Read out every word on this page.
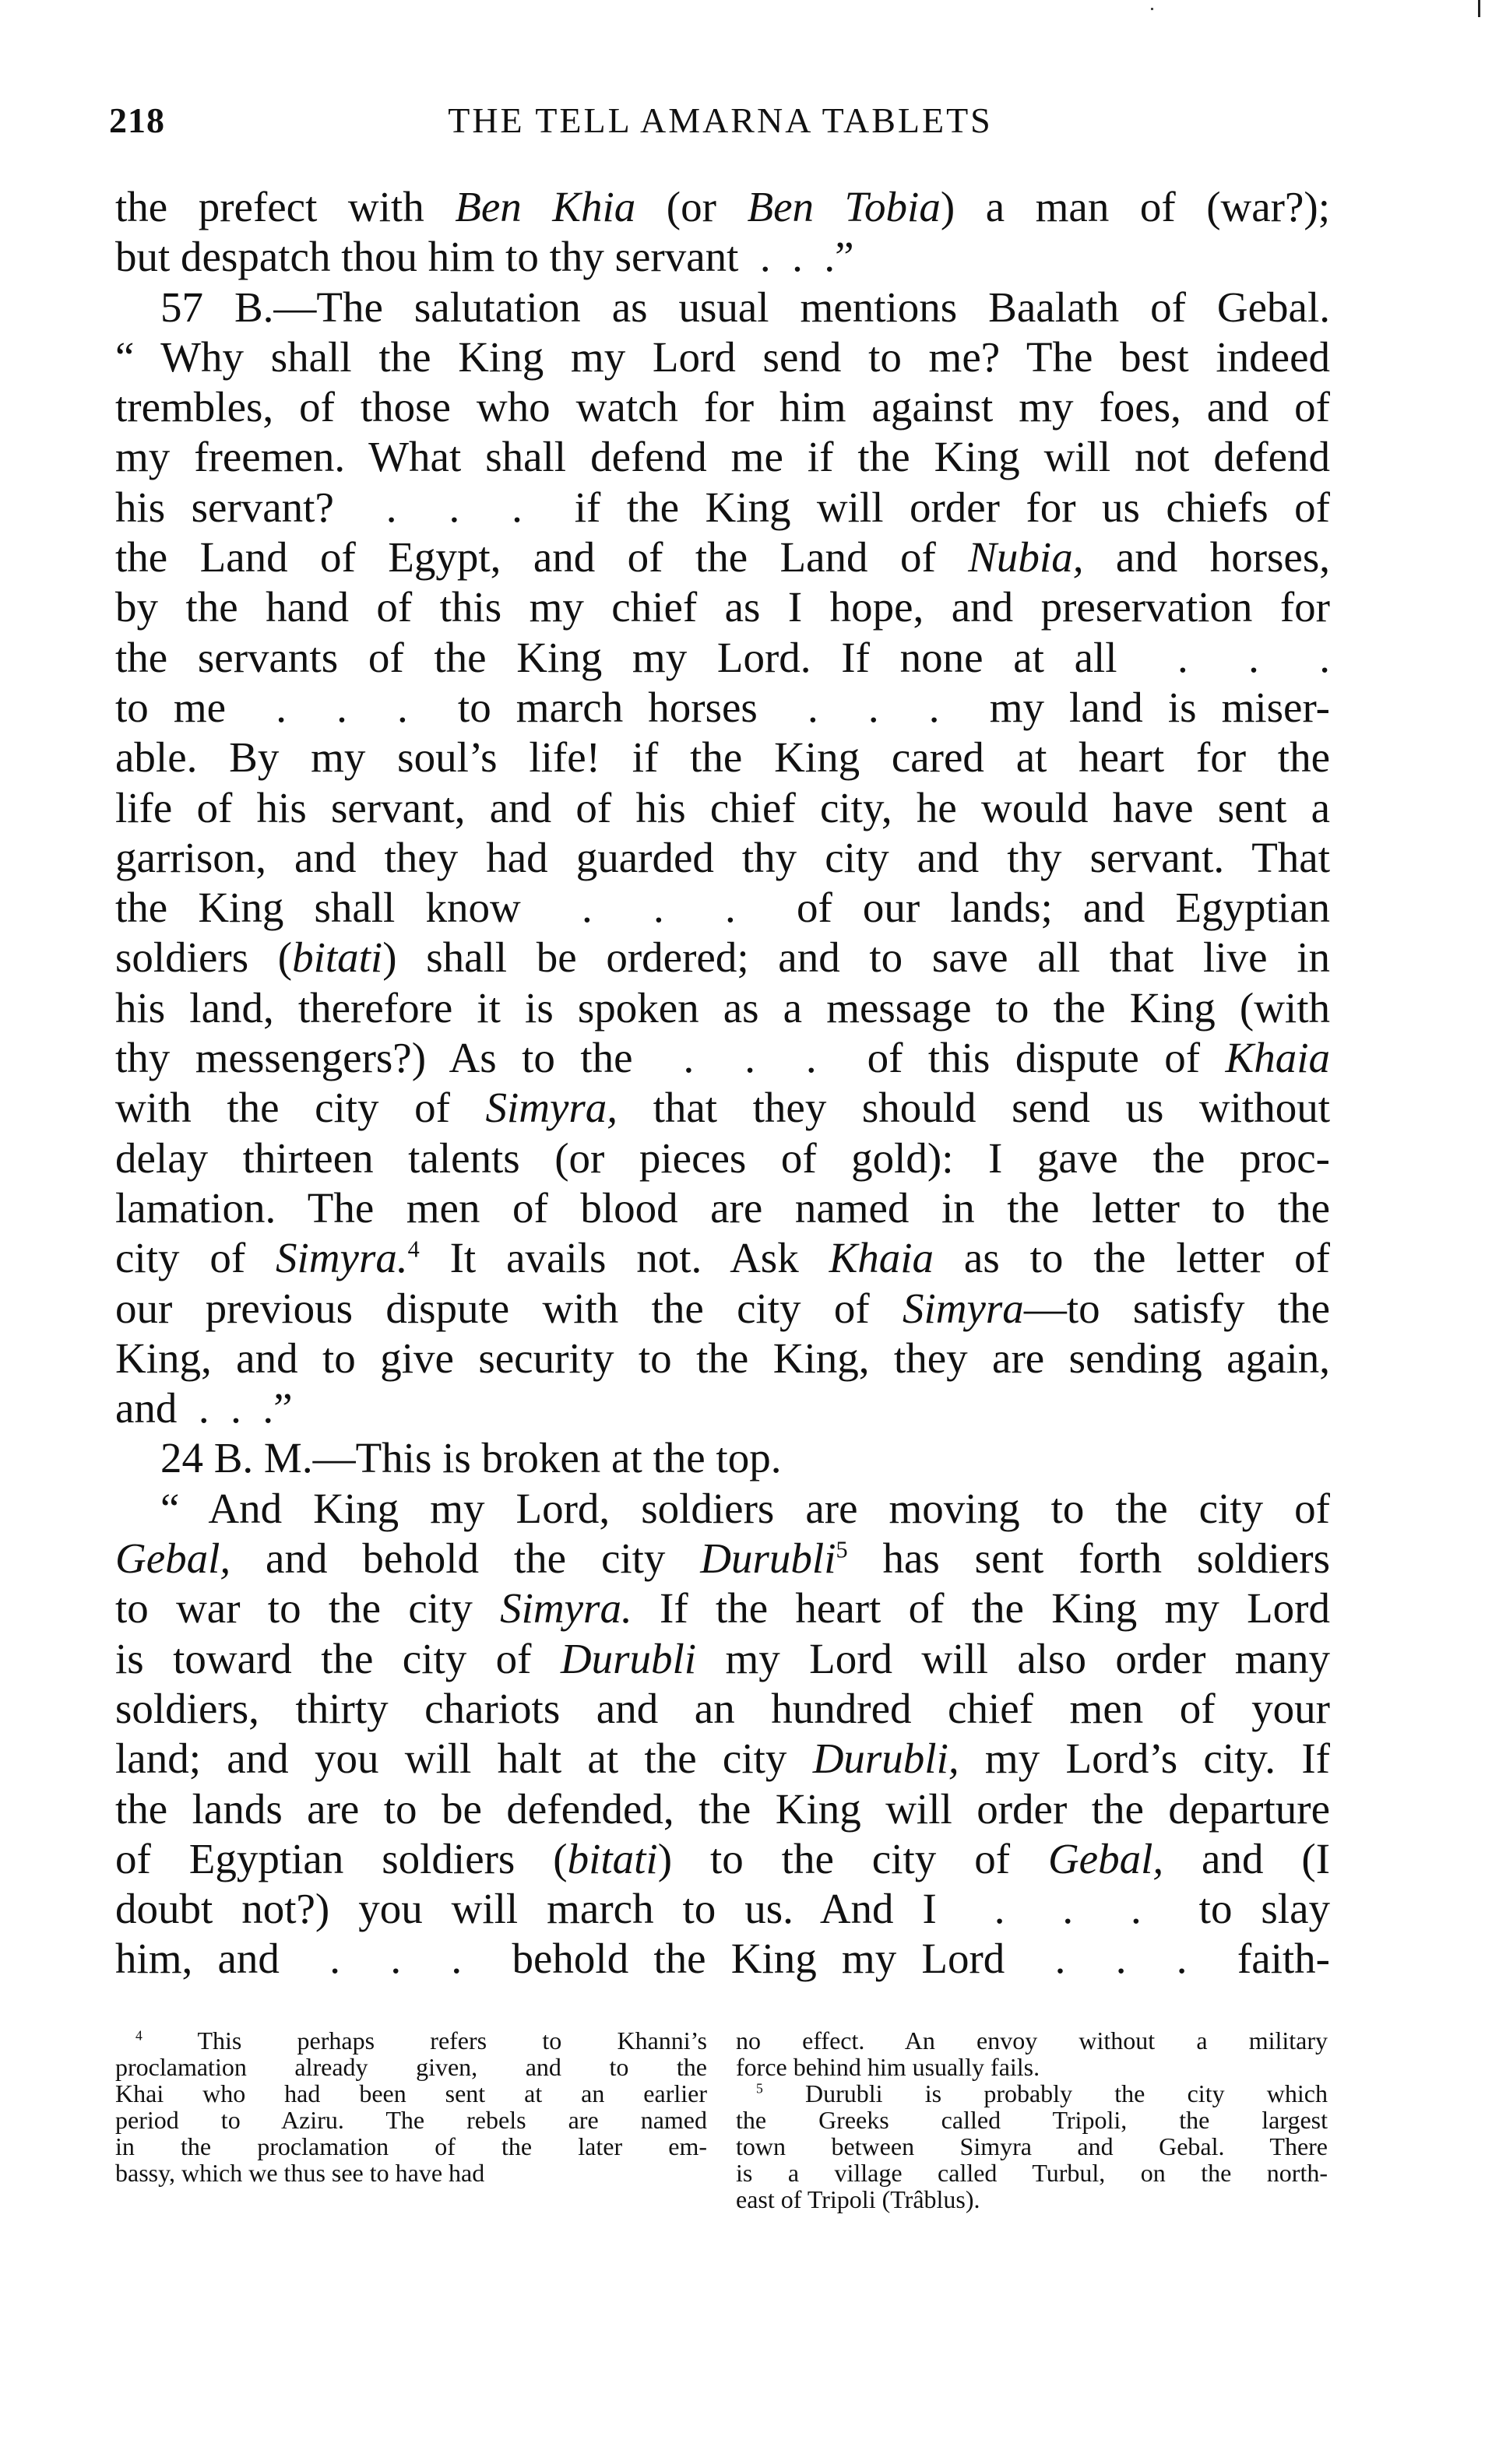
218	THE TELL AMARNA TABLETS
the prefect with Ben Khia (or Ben Tobia) a man of (war?);
but despatch thou him to thy servant  .  .  .”
57 B.—The salutation as usual mentions Baalath of Gebal.
“ Why shall the King my Lord send to me? The best indeed
trembles, of those who watch for him against my foes, and of
my freemen. What shall defend me if the King will not defend
his servant?  .  .  .  if the King will order for us chiefs of
the Land of Egypt, and of the Land of Nubia, and horses,
by the hand of this my chief as I hope, and preservation for
the servants of the King my Lord. If none at all  .  .  .
to me  .  .  .  to march horses  .  .  .  my land is miser-
able. By my soul’s life! if the King cared at heart for the
life of his servant, and of his chief city, he would have sent a
garrison, and they had guarded thy city and thy servant. That
the King shall know  .  .  .  of our lands; and Egyptian
soldiers (bitati) shall be ordered; and to save all that live in
his land, therefore it is spoken as a message to the King (with
thy messengers?) As to the  .  .  .  of this dispute of Khaia
with the city of Simyra, that they should send us without
delay thirteen talents (or pieces of gold): I gave the proc-
lamation. The men of blood are named in the letter to the
city of Simyra.$^4$ It avails not. Ask Khaia as to the letter of
our previous dispute with the city of Simyra—to satisfy the
King, and to give security to the King, they are sending again,
and  .  .  .”
24 B. M.—This is broken at the top.
“ And King my Lord, soldiers are moving to the city of
Gebal, and behold the city Durubli$^5$ has sent forth soldiers
to war to the city Simyra. If the heart of the King my Lord
is toward the city of Durubli my Lord will also order many
soldiers, thirty chariots and an hundred chief men of your
land; and you will halt at the city Durubli, my Lord’s city. If
the lands are to be defended, the King will order the departure
of Egyptian soldiers (bitati) to the city of Gebal, and (I
doubt not?) you will march to us. And I  .  .  .  to slay
him, and  .  .  .  behold the King my Lord  .  .  .  faith-
$^4$ This perhaps refers to Khanni’s
proclamation already given, and to the
Khai who had been sent at an earlier
period to Aziru. The rebels are named
in the proclamation of the later em-
bassy, which we thus see to have had
no effect. An envoy without a military
force behind him usually fails.
$^5$ Durubli is probably the city which
the Greeks called Tripoli, the largest
town between Simyra and Gebal. There
is a village called Turbul, on the north-
east of Tripoli (Trâblus).
